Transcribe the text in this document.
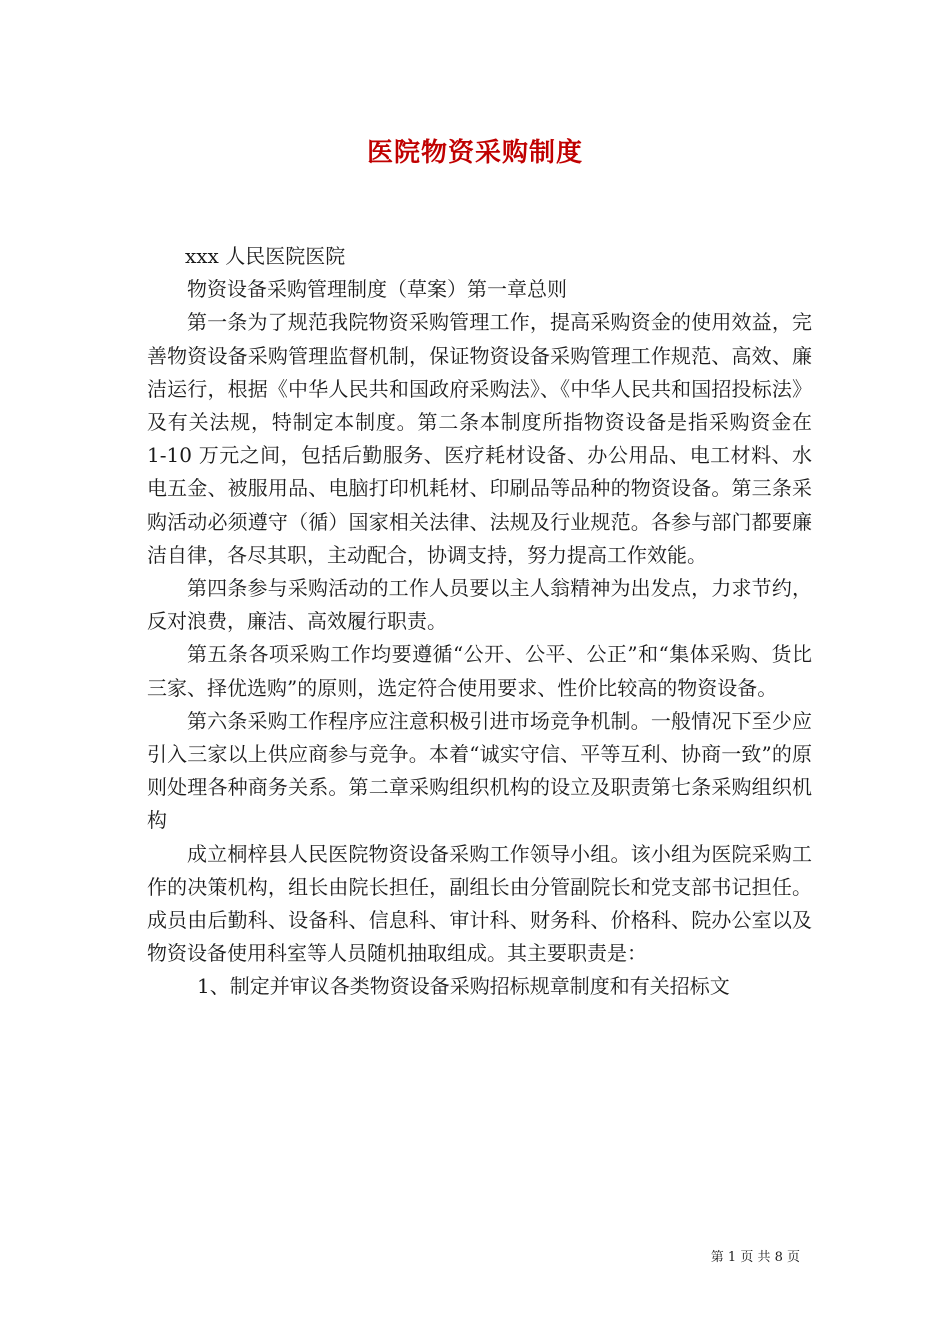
医院物资采购制度

xxx 人民医院医院

物资设备采购管理制度（草案）第一章总则

第一条为了规范我院物资采购管理工作，提高采购资金的使用效益，完善物资设备采购管理监督机制，保证物资设备采购管理工作规范、高效、廉洁运行，根据《中华人民共和国政府采购法》、《中华人民共和国招投标法》及有关法规，特制定本制度。第二条本制度所指物资设备是指采购资金在 1-10 万元之间，包括后勤服务、医疗耗材设备、办公用品、电工材料、水电五金、被服用品、电脑打印机耗材、印刷品等品种的物资设备。第三条采购活动必须遵守（循）国家相关法律、法规及行业规范。各参与部门都要廉洁自律，各尽其职，主动配合，协调支持，努力提高工作效能。

第四条参与采购活动的工作人员要以主人翁精神为出发点，力求节约，反对浪费，廉洁、高效履行职责。

第五条各项采购工作均要遵循“公开、公平、公正”和“集体采购、货比三家、择优选购”的原则，选定符合使用要求、性价比较高的物资设备。

第六条采购工作程序应注意积极引进市场竞争机制。一般情况下至少应引入三家以上供应商参与竞争。本着“诚实守信、平等互利、协商一致”的原则处理各种商务关系。第二章采购组织机构的设立及职责第七条采购组织机构

成立桐梓县人民医院物资设备采购工作领导小组。该小组为医院采购工作的决策机构，组长由院长担任，副组长由分管副院长和党支部书记担任。成员由后勤科、设备科、信息科、审计科、财务科、价格科、院办公室以及物资设备使用科室等人员随机抽取组成。其主要职责是：

1、制定并审议各类物资设备采购招标规章制度和有关招标文

第 1 页 共 8 页
